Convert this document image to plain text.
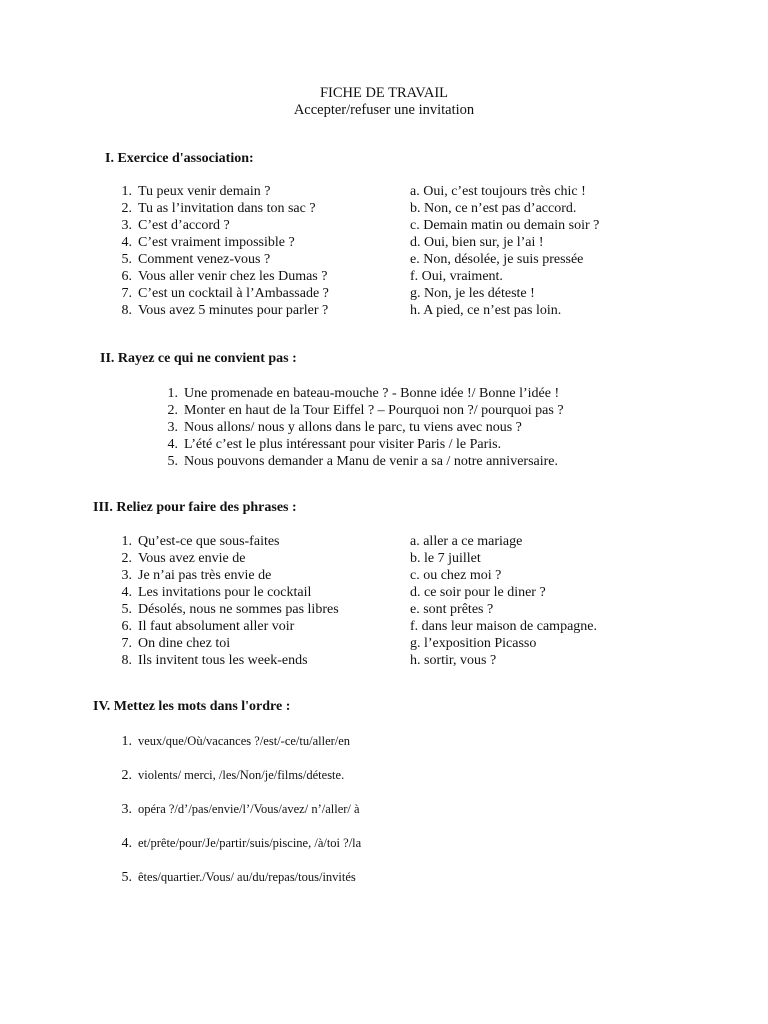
FICHE DE TRAVAIL
Accepter/refuser une invitation
I. Exercice d'association:
1. Tu peux venir demain ?
2. Tu as l’invitation dans ton sac ?
3. C’est d’accord ?
4. C’est vraiment impossible ?
5. Comment venez-vous ?
6. Vous aller venir chez les Dumas ?
7. C’est un cocktail à l’Ambassade ?
8. Vous avez 5 minutes pour parler ?
a. Oui, c’est toujours très chic !
b. Non, ce n’est pas d’accord.
c. Demain matin ou demain soir ?
d. Oui, bien sur, je l’ai !
e. Non, désolée, je suis pressée
f. Oui, vraiment.
g. Non, je les déteste !
h. A pied, ce n’est pas loin.
II. Rayez ce qui ne convient pas :
1. Une promenade en bateau-mouche ? - Bonne idée !/ Bonne l’idée !
2. Monter en haut de la Tour Eiffel ? – Pourquoi non ?/ pourquoi pas ?
3. Nous allons/ nous y allons dans le parc, tu viens avec nous ?
4. L’été c’est le plus intéressant pour visiter Paris / le Paris.
5. Nous pouvons demander a Manu de venir a sa / notre anniversaire.
III. Reliez pour faire des phrases :
1. Qu’est-ce que sous-faites
2. Vous avez envie de
3. Je n’ai pas très envie de
4. Les invitations pour le cocktail
5. Désolés, nous ne sommes pas libres
6. Il faut absolument aller voir
7. On dine chez toi
8. Ils invitent tous les week-ends
a. aller a ce mariage
b. le 7 juillet
c. ou chez moi ?
d. ce soir pour le diner ?
e. sont prêtes ?
f. dans leur maison de campagne.
g. l’exposition Picasso
h. sortir, vous ?
IV. Mettez les mots dans l'ordre :
1. veux/que/Où/vacances ?/est/-ce/tu/aller/en
2. violents/ merci, /les/Non/je/films/déteste.
3. opéra ?/d’/pas/envie/l’/Vous/avez/ n’/aller/ à
4. et/prête/pour/Je/partir/suis/piscine, /à/toi ?/la
5. êtes/quartier./Vous/ au/du/repas/tous/invités
